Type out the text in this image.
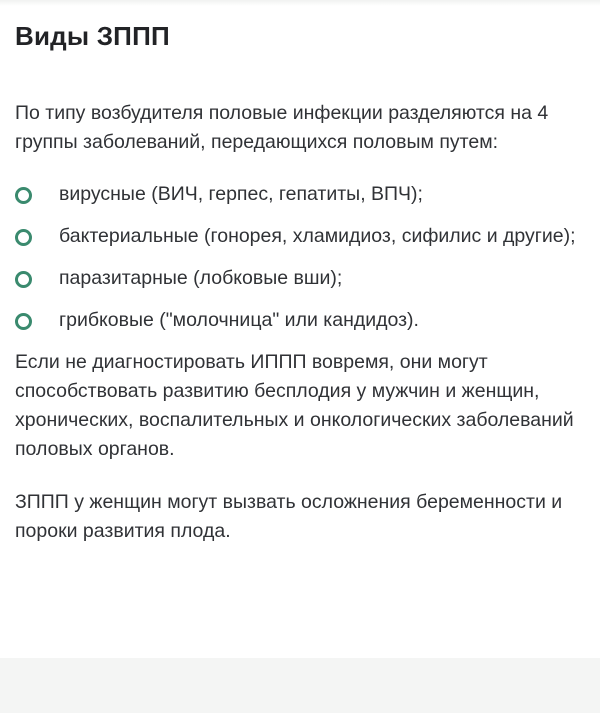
Виды ЗППП

По типу возбудителя половые инфекции разделяются на 4 группы заболеваний, передающихся половым путем:

вирусные (ВИЧ, герпес, гепатиты, ВПЧ);
бактериальные (гонорея, хламидиоз, сифилис и другие);
паразитарные (лобковые вши);
грибковые ("молочница" или кандидоз).

Если не диагностировать ИППП вовремя, они могут способствовать развитию бесплодия у мужчин и женщин, хронических, воспалительных и онкологических заболеваний половых органов.

ЗППП у женщин могут вызвать осложнения беременности и пороки развития плода.
